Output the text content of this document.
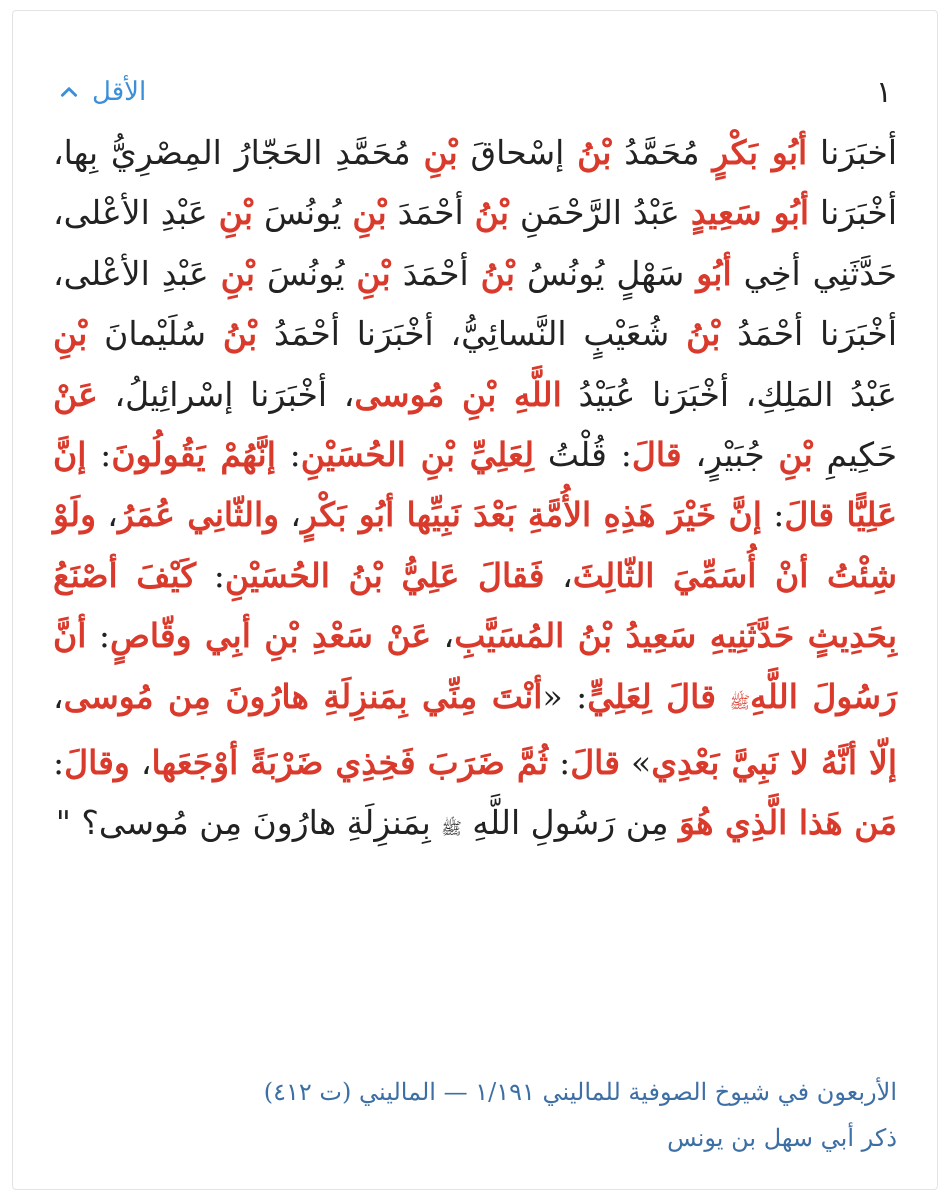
الأقل	١
أخبَرَنا أبُو بَكْرٍ مُحَمَّدُ بْنُ إسْحاقَ بْنِ مُحَمَّدِ الحَجّارُ المِصْرِيُّ بِها، أخْبَرَنا أبُو سَعِيدٍ عَبْدُ الرَّحْمَنِ بْنُ أحْمَدَ بْنِ يُونُسَ بْنِ عَبْدِ الأعْلى، حَدَّثَنِي أخِي أبُو سَهْلٍ يُونُسُ بْنُ أحْمَدَ بْنِ يُونُسَ بْنِ عَبْدِ الأعْلى، أخْبَرَنا أحْمَدُ بْنُ شُعَيْبٍ النَّسائِيُّ، أخْبَرَنا أحْمَدُ بْنُ سُلَيْمانَ بْنِ عَبْدُ المَلِكِ، أخْبَرَنا عُبَيْدُ اللَّهِ بْنِ مُوسى، أخْبَرَنا إسْرائِيلُ، عَنْ حَكِيمِ بْنِ جُبَيْرٍ، قالَ: قُلْتُ لِعَلِيِّ بْنِ الحُسَيْنِ: إنَّهُمْ يَقُولُونَ: إنَّ عَلِيًّا قالَ: إنَّ خَيْرَ هَذِهِ الأُمَّةِ بَعْدَ نَبِيِّها أبُو بَكْرٍ، والثّانِي عُمَرُ، ولَوْ شِئْتُ أنْ أُسَمِّيَ الثّالِثَ، فَقالَ عَلِيُّ بْنُ الحُسَيْنِ: كَيْفَ أصْنَعُ بِحَدِيثٍ حَدَّثَنِيهِ سَعِيدُ بْنُ المُسَيَّبِ، عَنْ سَعْدِ بْنِ أبِي وقّاصٍ: أنَّ رَسُولَ اللَّهِﷺ قالَ لِعَلِيٍّ: «أنْتَ مِنِّي بِمَنزِلَةِ هارُونَ مِن مُوسى، إلّا أنَّهُ لا نَبِيَّ بَعْدِي» قالَ: ثُمَّ ضَرَبَ فَخِذِي ضَرْبَةً أوْجَعَها، وقالَ: مَن هَذا الَّذِي هُوَ مِن رَسُولِ اللَّهِ ﷺ بِمَنزِلَةِ هارُونَ مِن مُوسى؟ "
الأربعون في شيوخ الصوفية للماليني ١/١٩١ — الماليني (ت ٤١٢)
ذكر أبي سهل بن يونس
